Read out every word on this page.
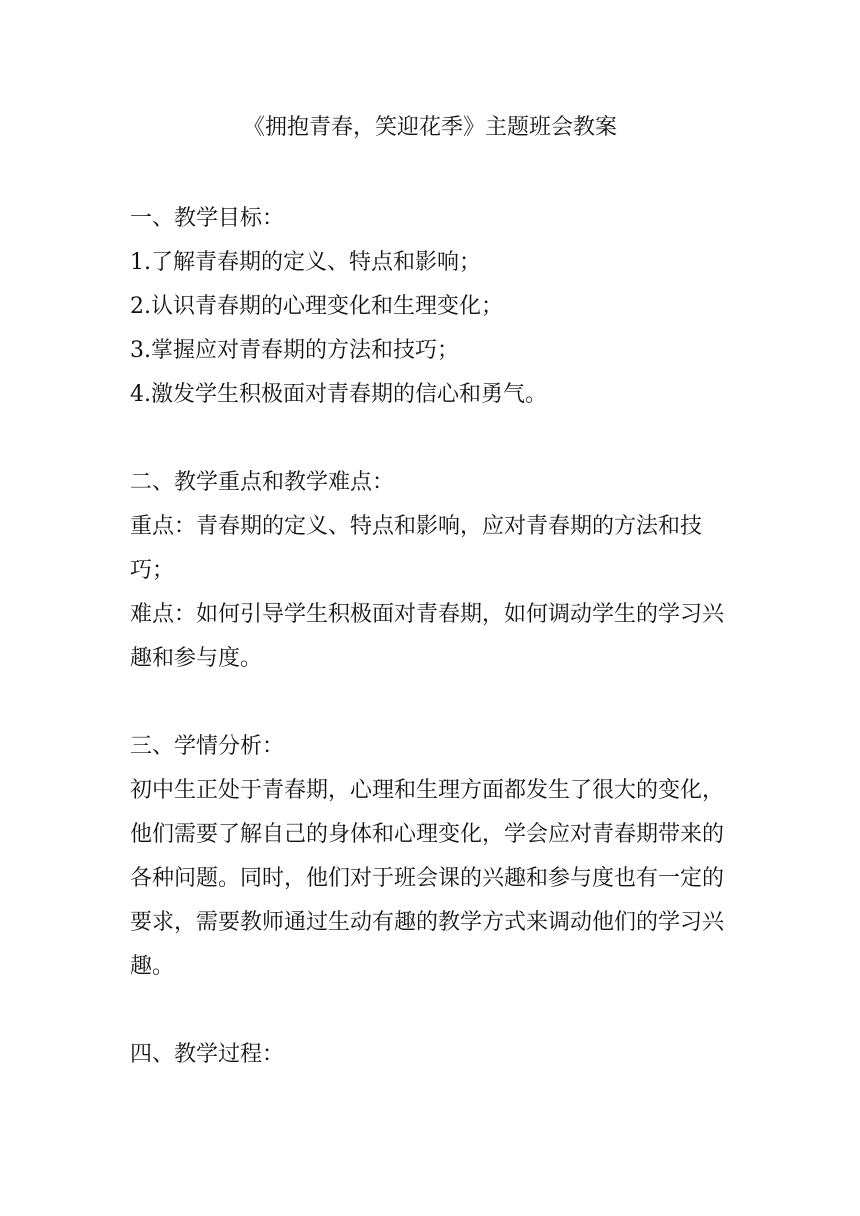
《拥抱青春，笑迎花季》主题班会教案

一、教学目标：

1.了解青春期的定义、特点和影响；

2.认识青春期的心理变化和生理变化；

3.掌握应对青春期的方法和技巧；

4.激发学生积极面对青春期的信心和勇气。

二、教学重点和教学难点：

重点：青春期的定义、特点和影响，应对青春期的方法和技巧；

难点：如何引导学生积极面对青春期，如何调动学生的学习兴趣和参与度。

三、学情分析：

初中生正处于青春期，心理和生理方面都发生了很大的变化，他们需要了解自己的身体和心理变化，学会应对青春期带来的各种问题。同时，他们对于班会课的兴趣和参与度也有一定的要求，需要教师通过生动有趣的教学方式来调动他们的学习兴趣。

四、教学过程：
